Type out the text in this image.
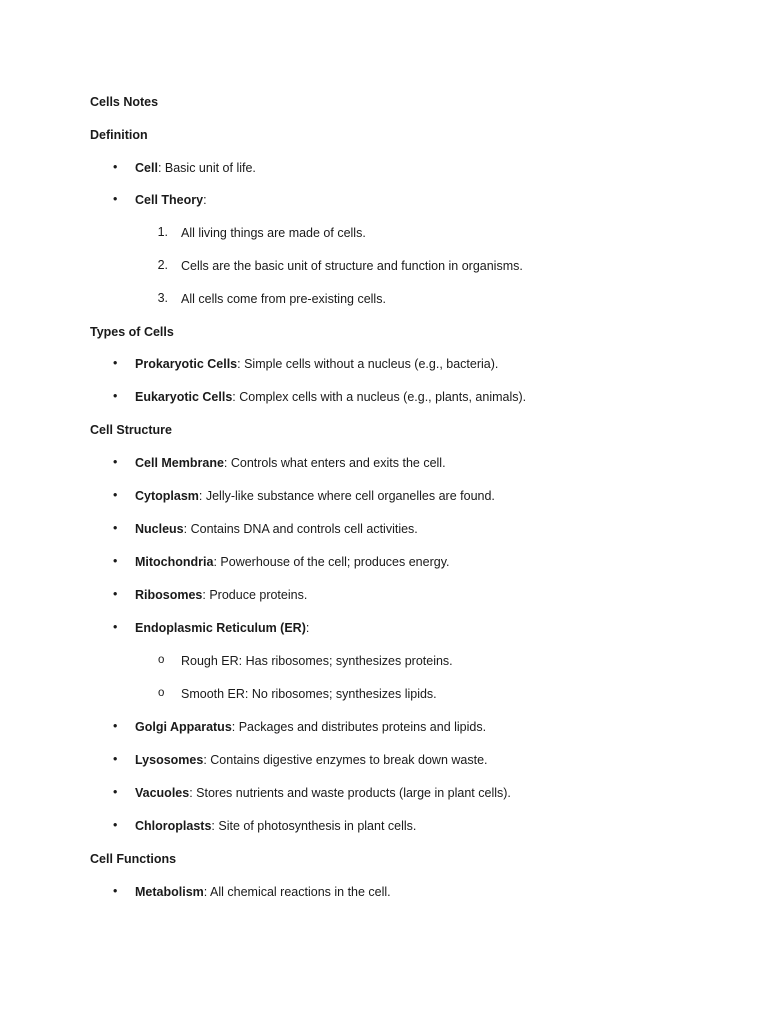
Cells Notes
Definition
• Cell: Basic unit of life.
• Cell Theory:
1. All living things are made of cells.
2. Cells are the basic unit of structure and function in organisms.
3. All cells come from pre-existing cells.
Types of Cells
• Prokaryotic Cells: Simple cells without a nucleus (e.g., bacteria).
• Eukaryotic Cells: Complex cells with a nucleus (e.g., plants, animals).
Cell Structure
• Cell Membrane: Controls what enters and exits the cell.
• Cytoplasm: Jelly-like substance where cell organelles are found.
• Nucleus: Contains DNA and controls cell activities.
• Mitochondria: Powerhouse of the cell; produces energy.
• Ribosomes: Produce proteins.
• Endoplasmic Reticulum (ER):
o Rough ER: Has ribosomes; synthesizes proteins.
o Smooth ER: No ribosomes; synthesizes lipids.
• Golgi Apparatus: Packages and distributes proteins and lipids.
• Lysosomes: Contains digestive enzymes to break down waste.
• Vacuoles: Stores nutrients and waste products (large in plant cells).
• Chloroplasts: Site of photosynthesis in plant cells.
Cell Functions
• Metabolism: All chemical reactions in the cell.
